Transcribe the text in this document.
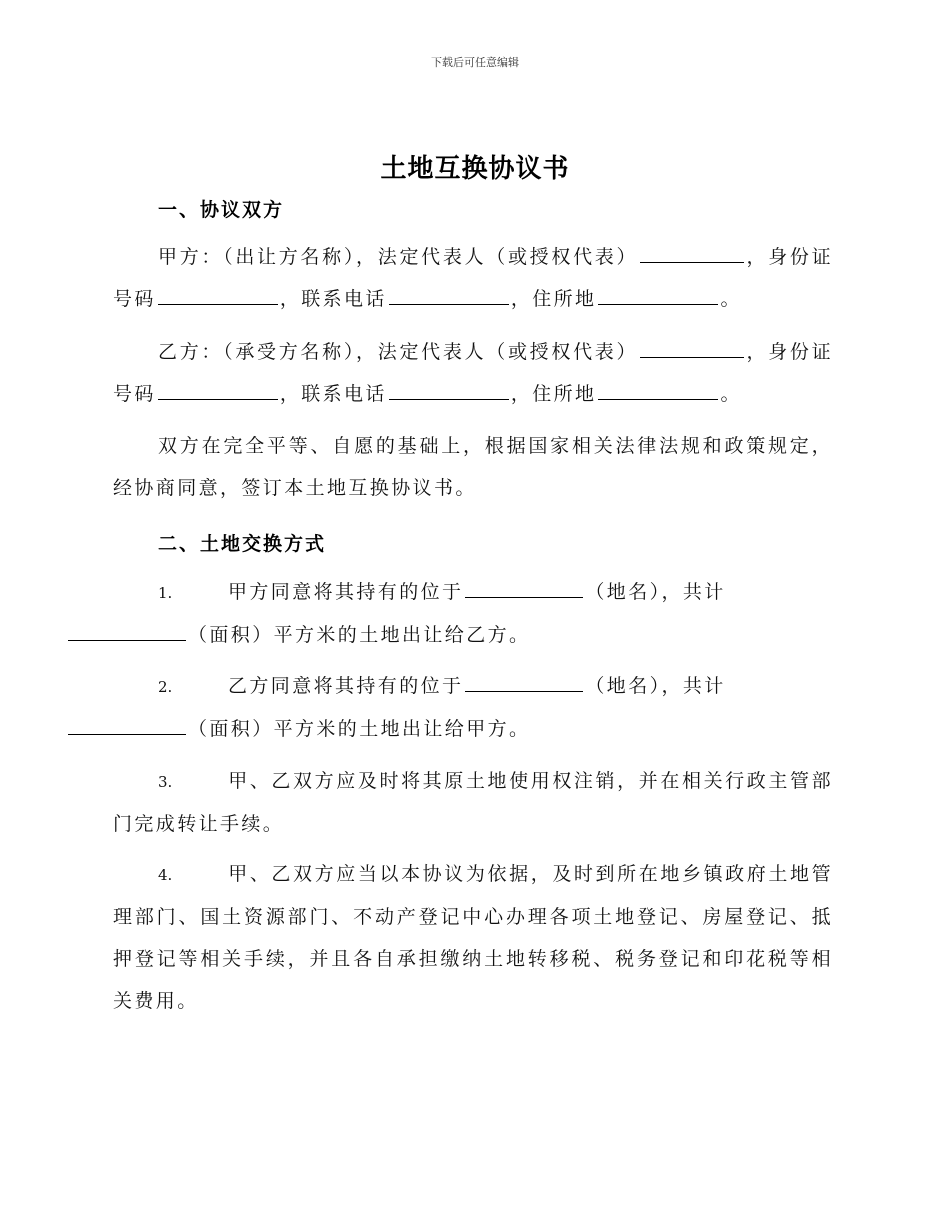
下载后可任意编辑
土地互换协议书
一、协议双方
甲方：（出让方名称），法定代表人（或授权代表）	，身份证号码	，联系电话	，住所地	。
乙方：（承受方名称），法定代表人（或授权代表）	，身份证号码	，联系电话	，住所地	。
双方在完全平等、自愿的基础上，根据国家相关法律法规和政策规定，经协商同意，签订本土地互换协议书。
二、土地交换方式
1.	甲方同意将其持有的位于	（地名），共计
（面积）平方米的土地出让给乙方。
2.	乙方同意将其持有的位于	（地名），共计
（面积）平方米的土地出让给甲方。
3.	甲、乙双方应及时将其原土地使用权注销，并在相关行政主管部门完成转让手续。
4.	甲、乙双方应当以本协议为依据，及时到所在地乡镇政府土地管理部门、国土资源部门、不动产登记中心办理各项土地登记、房屋登记、抵押登记等相关手续，并且各自承担缴纳土地转移税、税务登记和印花税等相关费用。
